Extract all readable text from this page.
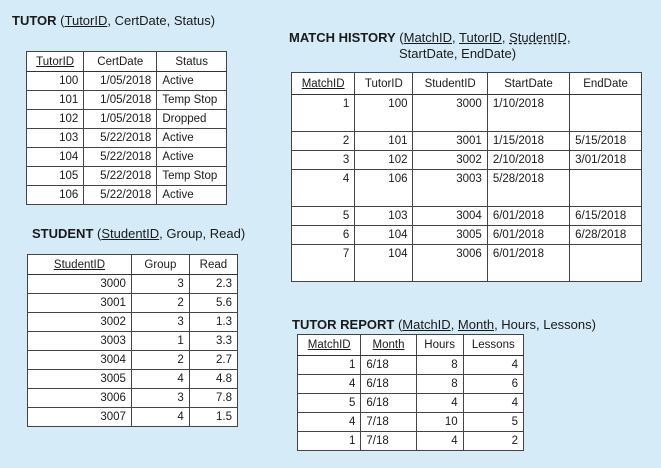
TUTOR (TutorID, CertDate, Status)
TutorID	CertDate	Status
100	1/05/2018	Active
101	1/05/2018	Temp Stop
102	1/05/2018	Dropped
103	5/22/2018	Active
104	5/22/2018	Active
105	5/22/2018	Temp Stop
106	5/22/2018	Active
STUDENT (StudentID, Group, Read)
StudentID	Group	Read
3000	3	2.3
3001	2	5.6
3002	3	1.3
3003	1	3.3
3004	2	2.7
3005	4	4.8
3006	3	7.8
3007	4	1.5
MATCH HISTORY (MatchID, TutorID, StudentID,
StartDate, EndDate)
MatchID	TutorID	StudentID	StartDate	EndDate
1	100	3000	1/10/2018	
2	101	3001	1/15/2018	5/15/2018
3	102	3002	2/10/2018	3/01/2018
4	106	3003	5/28/2018	
5	103	3004	6/01/2018	6/15/2018
6	104	3005	6/01/2018	6/28/2018
7	104	3006	6/01/2018	
TUTOR REPORT (MatchID, Month, Hours, Lessons)
MatchID	Month	Hours	Lessons
1	6/18	8	4
4	6/18	8	6
5	6/18	4	4
4	7/18	10	5
1	7/18	4	2
